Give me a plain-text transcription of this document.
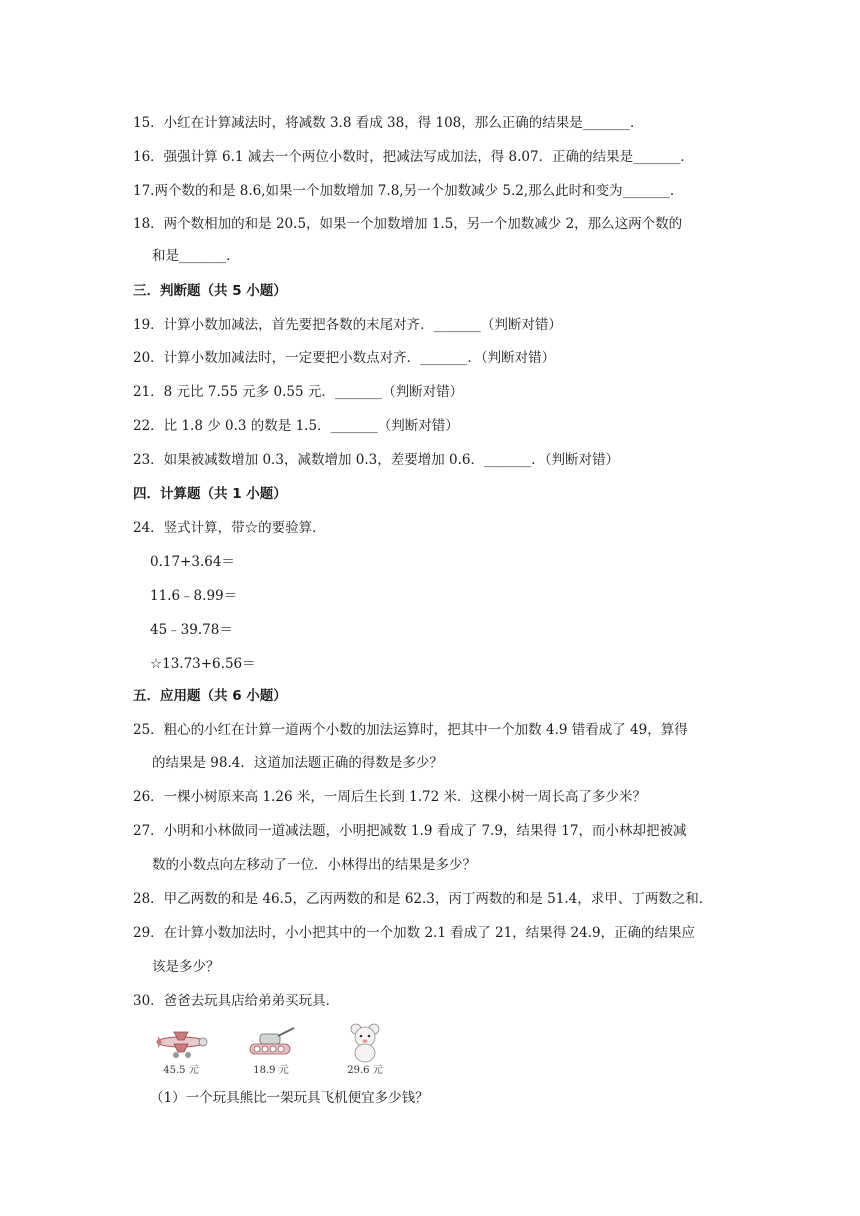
15．小红在计算减法时，将减数 3.8 看成 38，得 108，那么正确的结果是_______．
16．强强计算 6.1 减去一个两位小数时，把减法写成加法，得 8.07．正确的结果是_______．
17.两个数的和是 8.6,如果一个加数增加 7.8,另一个加数减少 5.2,那么此时和变为_______.
18．两个数相加的和是 20.5，如果一个加数增加 1.5，另一个加数减少 2，那么这两个数的
和是_______．
三．判断题（共 5 小题）
19．计算小数加减法，首先要把各数的末尾对齐．_______（判断对错）
20．计算小数加减法时，一定要把小数点对齐．_______．（判断对错）
21．8 元比 7.55 元多 0.55 元．_______（判断对错）
22．比 1.8 少 0.3 的数是 1.5．_______（判断对错）
23．如果被减数增加 0.3，减数增加 0.3，差要增加 0.6．_______．（判断对错）
四．计算题（共 1 小题）
24．竖式计算，带☆的要验算．
0.17+3.64＝
11.6﹣8.99＝
45﹣39.78＝
☆13.73+6.56＝
五．应用题（共 6 小题）
25．粗心的小红在计算一道两个小数的加法运算时，把其中一个加数 4.9 错看成了 49，算得
的结果是 98.4．这道加法题正确的得数是多少？
26．一棵小树原来高 1.26 米，一周后生长到 1.72 米．这棵小树一周长高了多少米？
27．小明和小林做同一道减法题，小明把减数 1.9 看成了 7.9，结果得 17，而小林却把被减
数的小数点向左移动了一位．小林得出的结果是多少？
28．甲乙两数的和是 46.5，乙丙两数的和是 62.3，丙丁两数的和是 51.4，求甲、丁两数之和．
29．在计算小数加法时，小小把其中的一个加数 2.1 看成了 21，结果得 24.9，正确的结果应
该是多少？
30．爸爸去玩具店给弟弟买玩具．
45.5 元	18.9 元	29.6 元
（1）一个玩具熊比一架玩具飞机便宜多少钱？
